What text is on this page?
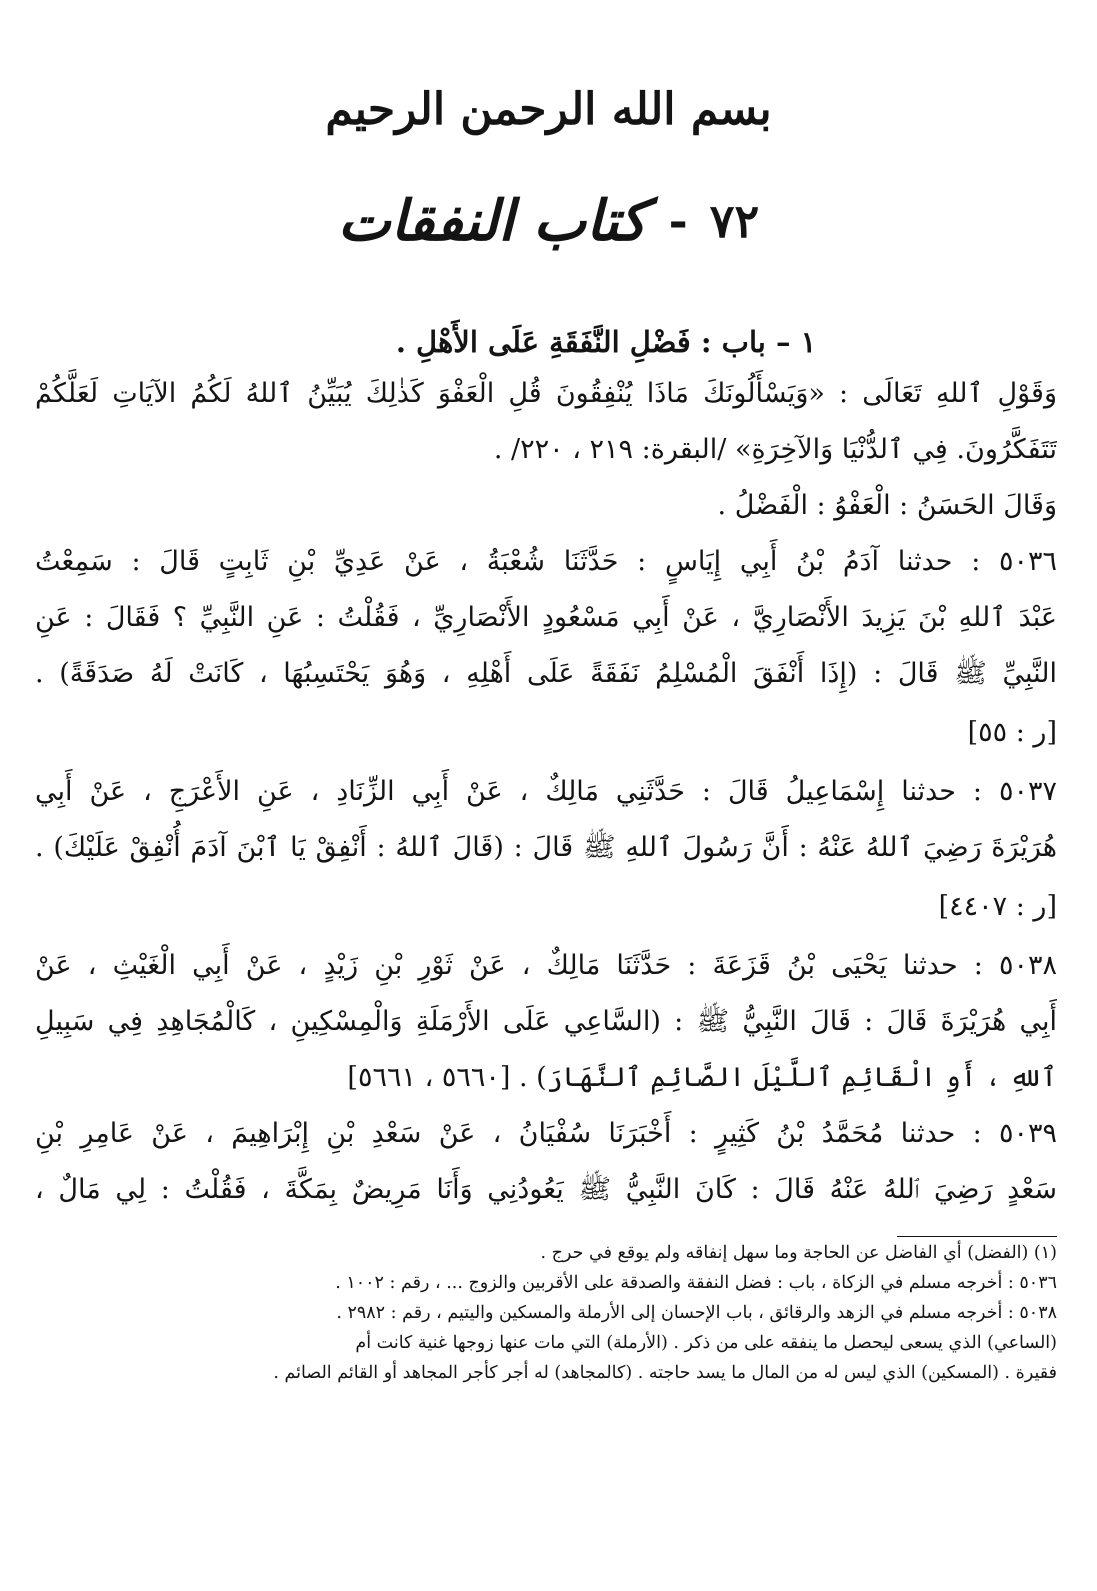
بسم الله الرحمن الرحيم
٧٢
-
كتاب النفقات
١ – باب : فَضْلِ النَّفَقَةِ عَلَى الأَهْلِ .
وَقَوْلِ ٱللهِ تَعَالَى : «وَيَسْأَلُونَكَ مَاذَا يُنْفِقُونَ قُلِ الْعَفْوَ كَذٰلِكَ يُبَيِّنُ ٱللهُ لَكُمُ الآيَاتِ لَعَلَّكُمْ
تَتَفَكَّرُونَ. فِي ٱلدُّنْيَا وَالآخِرَةِ» /البقرة: ٢١٩ ، ٢٢٠/ .
وَقَالَ الحَسَنُ : الْعَفْوُ : الْفَضْلُ .
٥٠٣٦ : حدثنا آدَمُ بْنُ أَبِي إِيَاسٍ : حَدَّثَنَا شُعْبَةُ ، عَنْ عَدِيِّ بْنِ ثَابِتٍ قَالَ : سَمِعْتُ
عَبْدَ ٱللهِ بْنَ يَزِيدَ الأَنْصَارِيَّ ، عَنْ أَبِي مَسْعُودٍ الأَنْصَارِيِّ ، فَقُلْتُ : عَنِ النَّبِيِّ ؟ فَقَالَ : عَنِ
النَّبِيِّ ﷺ قَالَ : (إِذَا أَنْفَقَ الْمُسْلِمُ نَفَقَةً عَلَى أَهْلِهِ ، وَهُوَ يَحْتَسِبُهَا ، كَانَتْ لَهُ صَدَقَةً) .
[ر : ٥٥]
٥٠٣٧ : حدثنا إِسْمَاعِيلُ قَالَ : حَدَّثَنِي مَالِكٌ ، عَنْ أَبِي الزِّنَادِ ، عَنِ الأَعْرَجِ ، عَنْ أَبِي
هُرَيْرَةَ رَضِيَ ٱللهُ عَنْهُ : أَنَّ رَسُولَ ٱللهِ ﷺ قَالَ : (قَالَ ٱللهُ : أَنْفِقْ يَا ٱبْنَ آدَمَ أُنْفِقْ عَلَيْكَ) .
[ر : ٤٤٠٧]
٥٠٣٨ : حدثنا يَحْيَى بْنُ قَزَعَةَ : حَدَّثَنَا مَالِكٌ ، عَنْ ثَوْرِ بْنِ زَيْدٍ ، عَنْ أَبِي الْغَيْثِ ، عَنْ
أَبِي هُرَيْرَةَ قَالَ : قَالَ النَّبِيُّ ﷺ : (السَّاعِي عَلَى الأَرْمَلَةِ وَالْمِسْكِينِ ، كَالْمُجَاهِدِ فِي سَبِيلِ
ٱللهِ ، أَوِ الْقَائِمِ ٱللَّيْلَ الصَّائِمِ ٱلنَّهَارَ) . [٥٦٦٠ ، ٥٦٦١]
٥٠٣٩ : حدثنا مُحَمَّدُ بْنُ كَثِيرٍ : أَخْبَرَنَا سُفْيَانُ ، عَنْ سَعْدِ بْنِ إِبْرَاهِيمَ ، عَنْ عَامِرِ بْنِ
سَعْدٍ رَضِيَ ٱللهُ عَنْهُ قَالَ : كَانَ النَّبِيُّ ﷺ يَعُودُنِي وَأَنَا مَرِيضٌ بِمَكَّةَ ، فَقُلْتُ : لِي مَالٌ ،
(١) (الفضل) أي الفاضل عن الحاجة وما سهل إنفاقه ولم يوقع في حرج .
٥٠٣٦ : أخرجه مسلم في الزكاة ، باب : فضل النفقة والصدقة على الأقربين والزوج ... ، رقم : ١٠٠٢ .
٥٠٣٨ : أخرجه مسلم في الزهد والرقائق ، باب الإحسان إلى الأرملة والمسكين واليتيم ، رقم : ٢٩٨٢ .
(الساعي) الذي يسعى ليحصل ما ينفقه على من ذكر . (الأرملة) التي مات عنها زوجها غنية كانت أم
فقيرة . (المسكين) الذي ليس له من المال ما يسد حاجته . (كالمجاهد) له أجر كأجر المجاهد أو القائم الصائم .
